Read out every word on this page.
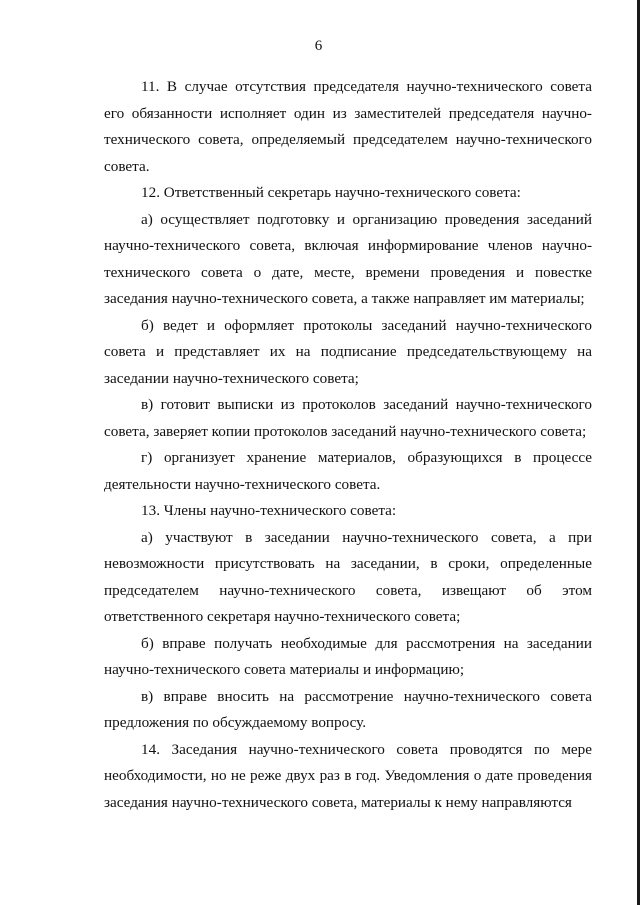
6

11. В случае отсутствия председателя научно-технического совета его обязанности исполняет один из заместителей председателя научно-технического совета, определяемый председателем научно-технического совета.

12. Ответственный секретарь научно-технического совета:

а) осуществляет подготовку и организацию проведения заседаний научно-технического совета, включая информирование членов научно-технического совета о дате, месте, времени проведения и повестке заседания научно-технического совета, а также направляет им материалы;

б) ведет и оформляет протоколы заседаний научно-технического совета и представляет их на подписание председательствующему на заседании научно-технического совета;

в) готовит выписки из протоколов заседаний научно-технического совета, заверяет копии протоколов заседаний научно-технического совета;

г) организует хранение материалов, образующихся в процессе деятельности научно-технического совета.

13. Члены научно-технического совета:

а) участвуют в заседании научно-технического совета, а при невозможности присутствовать на заседании, в сроки, определенные председателем научно-технического совета, извещают об этом ответственного секретаря научно-технического совета;

б) вправе получать необходимые для рассмотрения на заседании научно-технического совета материалы и информацию;

в) вправе вносить на рассмотрение научно-технического совета предложения по обсуждаемому вопросу.

14. Заседания научно-технического совета проводятся по мере необходимости, но не реже двух раз в год. Уведомления о дате проведения заседания научно-технического совета, материалы к нему направляются
